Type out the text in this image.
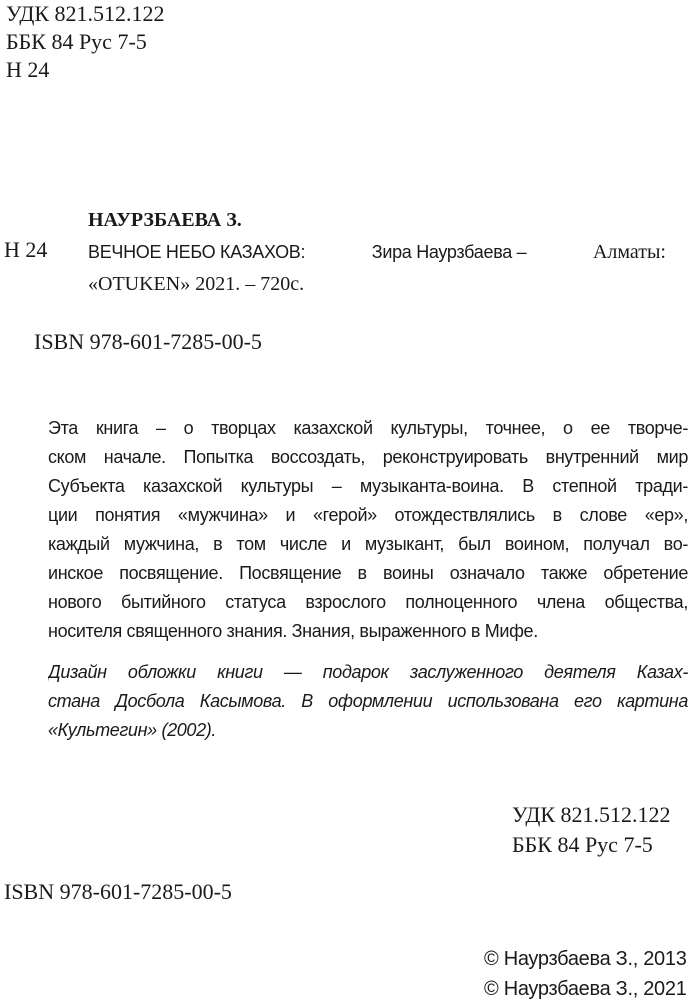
УДК 821.512.122
ББК 84 Рус 7-5
Н 24
Н 24
НАУРЗБАЕВА З.
ВЕЧНОЕ НЕБО КАЗАХОВ:	Зира Наурзбаева –	Алматы:
«OTUKEN» 2021. – 720с.
ISBN 978-601-7285-00-5
Эта книга – о творцах казахской культуры, точнее, о ее творче-
ском начале. Попытка воссоздать, реконструировать внутренний мир
Субъекта казахской культуры – музыканта-воина. В степной тради-
ции понятия «мужчина» и «герой» отождествлялись в слове «ер»,
каждый мужчина, в том числе и музыкант, был воином, получал во-
инское посвящение. Посвящение в воины означало также обретение
нового бытийного статуса взрослого полноценного члена общества,
носителя священного знания. Знания, выраженного в Мифе.
Дизайн обложки книги — подарок заслуженного деятеля Казах-
стана Досбола Касымова. В оформлении использована его картина
«Культегин» (2002).
УДК 821.512.122
ББК 84 Рус 7-5
ISBN 978-601-7285-00-5
© Наурзбаева З., 2013
© Наурзбаева З., 2021
